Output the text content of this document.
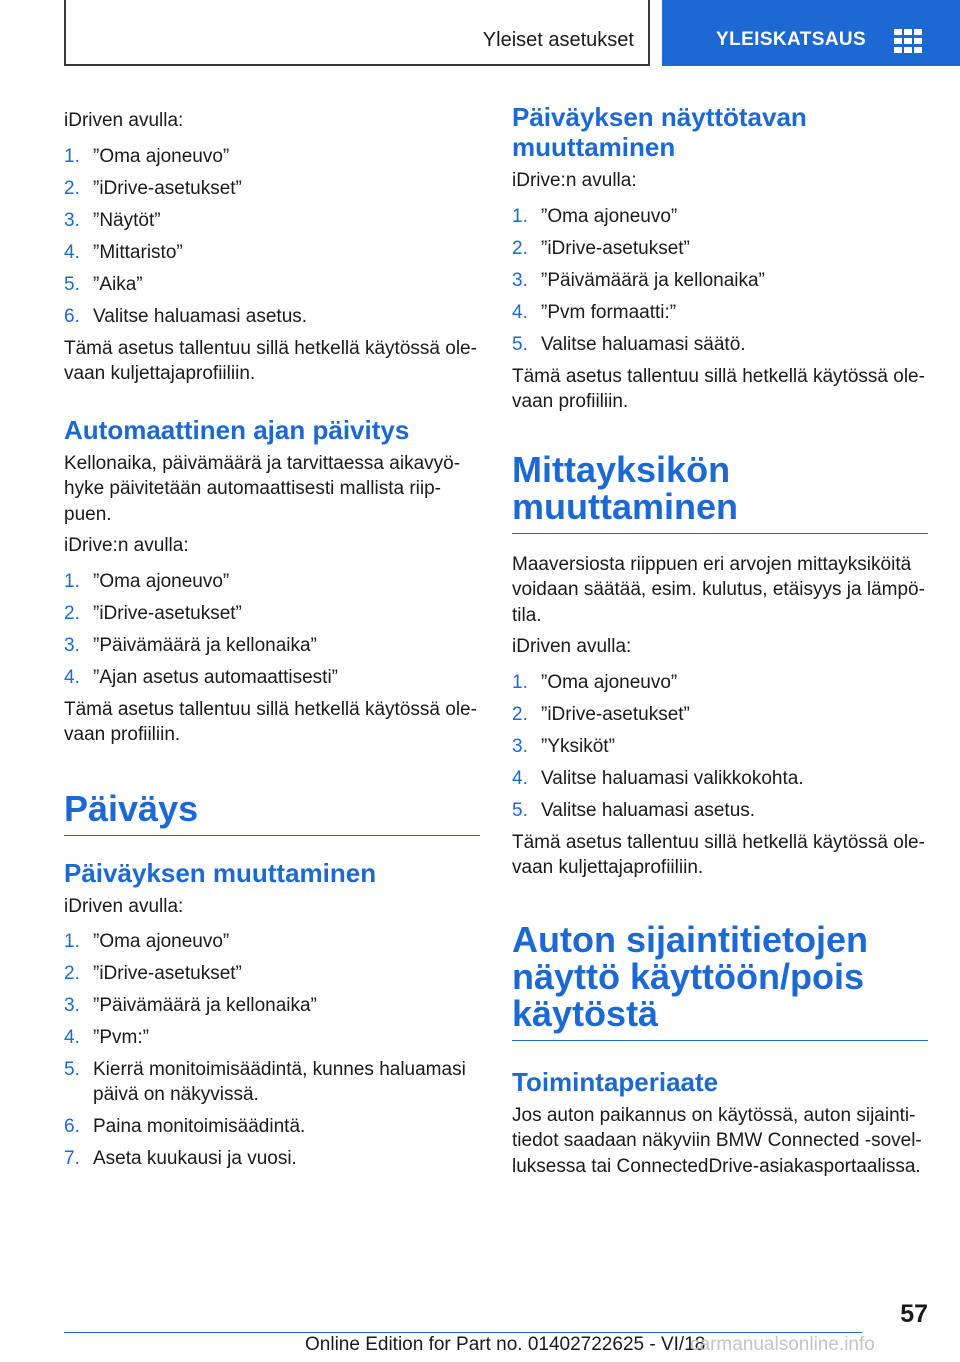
Yleiset asetukset	YLEISKATSAUS

iDriven avulla:

1. ”Oma ajoneuvo”
2. ”iDrive-asetukset”
3. ”Näytöt”
4. ”Mittaristo”
5. ”Aika”
6. Valitse haluamasi asetus.

Tämä asetus tallentuu sillä hetkellä käytössä ole-vaan kuljettajaprofiiliin.

Automaattinen ajan päivitys

Kellonaika, päivämäärä ja tarvittaessa aikavyö-hyke päivitetään automaattisesti mallista riip-puen.

iDrive:n avulla:

1. ”Oma ajoneuvo”
2. ”iDrive-asetukset”
3. ”Päivämäärä ja kellonaika”
4. ”Ajan asetus automaattisesti”

Tämä asetus tallentuu sillä hetkellä käytössä ole-vaan profiiliin.

Päiväys
Päiväyksen muuttaminen

iDriven avulla:

1. ”Oma ajoneuvo”
2. ”iDrive-asetukset”
3. ”Päivämäärä ja kellonaika”
4. ”Pvm:”
5. Kierrä monitoimisäädintä, kunnes haluamasi päivä on näkyvissä.
6. Paina monitoimisäädintä.
7. Aseta kuukausi ja vuosi.
Päiväyksen näyttötavan muuttaminen

iDrive:n avulla:

1. ”Oma ajoneuvo”
2. ”iDrive-asetukset”
3. ”Päivämäärä ja kellonaika”
4. ”Pvm formaatti:”
5. Valitse haluamasi säätö.

Tämä asetus tallentuu sillä hetkellä käytössä ole-vaan profiiliin.

Mittayksikön muuttaminen

Maaversiosta riippuen eri arvojen mittayksiköitä voidaan säätää, esim. kulutus, etäisyys ja lämpö-tila.

iDriven avulla:

1. ”Oma ajoneuvo”
2. ”iDrive-asetukset”
3. ”Yksiköt”
4. Valitse haluamasi valikkokohta.
5. Valitse haluamasi asetus.

Tämä asetus tallentuu sillä hetkellä käytössä ole-vaan kuljettajaprofiiliin.

Auton sijaintitietojen näyttö käyttöön/pois käytöstä
Toimintaperiaate

Jos auton paikannus on käytössä, auton sijainti-tiedot saadaan näkyviin BMW Connected -sovel-luksessa tai ConnectedDrive-asiakasportaalissa.

57
Online Edition for Part no. 01402722625 - VI/18
carmanualsonline.info
